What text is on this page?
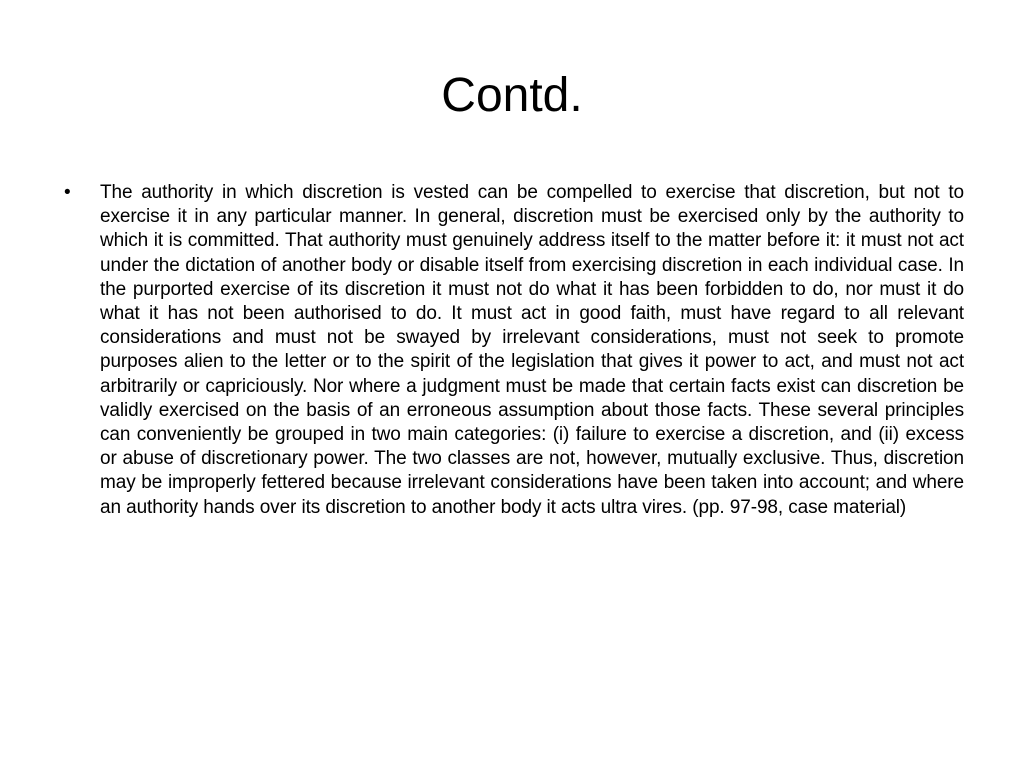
Contd.
•	The authority in which discretion is vested can be compelled to exercise that discretion, but not to exercise it in any particular manner. In general, discretion must be exercised only by the authority to which it is committed. That authority must genuinely address itself to the matter before it: it must not act under the dictation of another body or disable itself from exercising discretion in each individual case. In the purported exercise of its discretion it must not do what it has been forbidden to do, nor must it do what it has not been authorised to do. It must act in good faith, must have regard to all relevant considerations and must not be swayed by irrelevant considerations, must not seek to promote purposes alien to the letter or to the spirit of the legislation that gives it power to act, and must not act arbitrarily or capriciously. Nor where a judgment must be made that certain facts exist can discretion be validly exercised on the basis of an erroneous assumption about those facts. These several principles can conveniently be grouped in two main categories: (i) failure to exercise a discretion, and (ii) excess or abuse of discretionary power. The two classes are not, however, mutually exclusive. Thus, discretion may be improperly fettered because irrelevant considerations have been taken into account; and where an authority hands over its discretion to another body it acts ultra vires. (pp. 97-98, case material)
